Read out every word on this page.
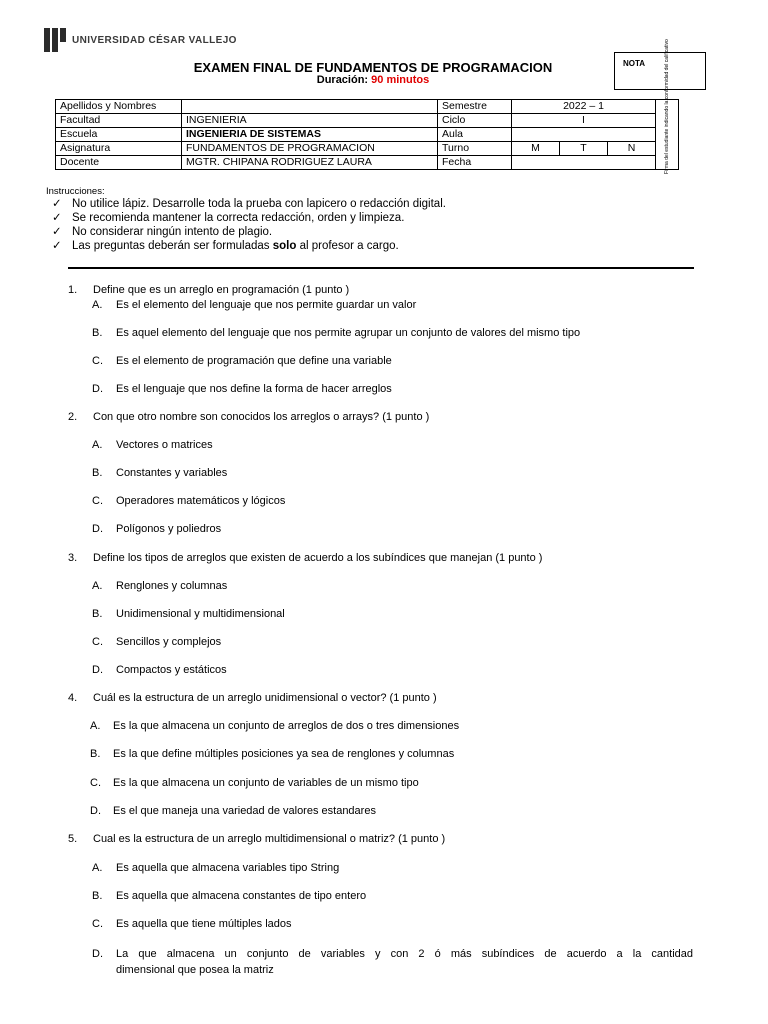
UNIVERSIDAD CÉSAR VALLEJO
EXAMEN FINAL DE FUNDAMENTOS DE PROGRAMACION
Duración: 90 minutos
NOTA
Apellidos y Nombres		Semestre	2022 – 1			Firma del estudiante indicando la conformidad del calificativo

Facultad	INGENIERIA	Ciclo	I			
Escuela	INGENIERIA DE SISTEMAS	Aula				
Asignatura	FUNDAMENTOS DE PROGRAMACION	Turno	M	T	N	
Docente	MGTR. CHIPANA RODRIGUEZ LAURA	Fecha				
Instrucciones:
✓ No utilice lápiz. Desarrolle toda la prueba con lapicero o redacción digital.
✓ Se recomienda mantener la correcta redacción, orden y limpieza.
✓ No considerar ningún intento de plagio.
✓ Las preguntas deberán ser formuladas solo al profesor a cargo.
1. Define que es un arreglo en programación (1 punto )
A. Es el elemento del lenguaje que nos permite guardar un valor
B. Es aquel elemento del lenguaje que nos permite agrupar un conjunto de valores del mismo tipo
C. Es el elemento de programación que define una variable
D. Es el lenguaje que nos define la forma de hacer arreglos
2. Con que otro nombre son conocidos los arreglos o arrays? (1 punto )
A. Vectores o matrices
B. Constantes y variables
C. Operadores matemáticos y lógicos
D. Polígonos y poliedros
3. Define los tipos de arreglos que existen de acuerdo a los subíndices que manejan (1 punto )
A. Renglones y columnas
B. Unidimensional y multidimensional
C. Sencillos y complejos
D. Compactos y estáticos
4. Cuál es la estructura de un arreglo unidimensional o vector? (1 punto )
A. Es la que almacena un conjunto de arreglos de dos o tres dimensiones
B. Es la que define múltiples posiciones ya sea de renglones y columnas
C. Es la que almacena un conjunto de variables de un mismo tipo
D. Es el que maneja una variedad de valores estandares
5. Cual es la estructura de un arreglo multidimensional o matriz? (1 punto )
A. Es aquella que almacena variables tipo String
B. Es aquella que almacena constantes de tipo entero
C. Es aquella que tiene múltiples lados
D.	La que almacena un conjunto de variables y con 2 ó más subíndices de acuerdo a la cantidad
dimensional que posea la matriz
